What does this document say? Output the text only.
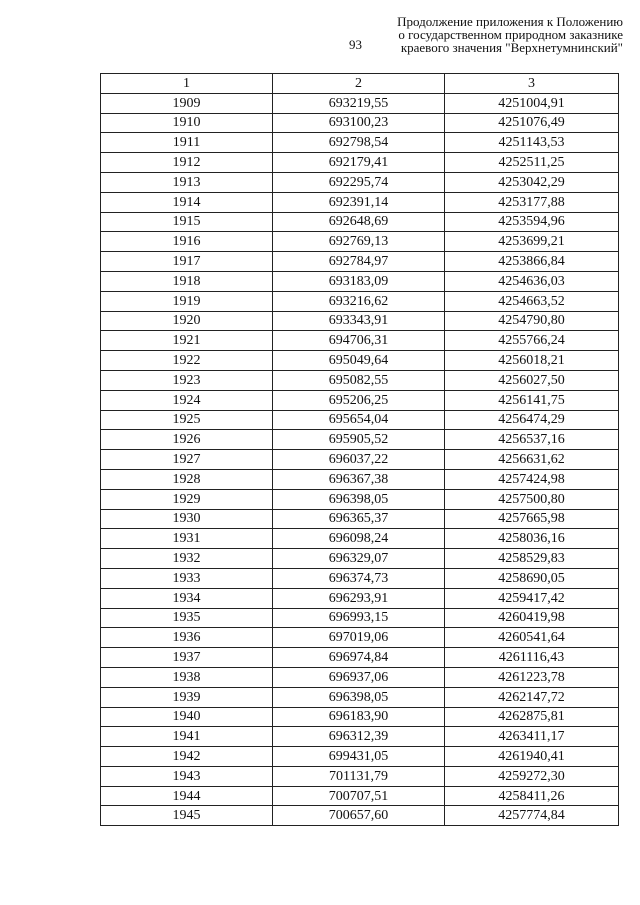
93
Продолжение приложения к Положению
о государственном природном заказнике
краевого значения "Верхнетумнинский"
1	2	3
1909	693219,55	4251004,91
1910	693100,23	4251076,49
1911	692798,54	4251143,53
1912	692179,41	4252511,25
1913	692295,74	4253042,29
1914	692391,14	4253177,88
1915	692648,69	4253594,96
1916	692769,13	4253699,21
1917	692784,97	4253866,84
1918	693183,09	4254636,03
1919	693216,62	4254663,52
1920	693343,91	4254790,80
1921	694706,31	4255766,24
1922	695049,64	4256018,21
1923	695082,55	4256027,50
1924	695206,25	4256141,75
1925	695654,04	4256474,29
1926	695905,52	4256537,16
1927	696037,22	4256631,62
1928	696367,38	4257424,98
1929	696398,05	4257500,80
1930	696365,37	4257665,98
1931	696098,24	4258036,16
1932	696329,07	4258529,83
1933	696374,73	4258690,05
1934	696293,91	4259417,42
1935	696993,15	4260419,98
1936	697019,06	4260541,64
1937	696974,84	4261116,43
1938	696937,06	4261223,78
1939	696398,05	4262147,72
1940	696183,90	4262875,81
1941	696312,39	4263411,17
1942	699431,05	4261940,41
1943	701131,79	4259272,30
1944	700707,51	4258411,26
1945	700657,60	4257774,84
